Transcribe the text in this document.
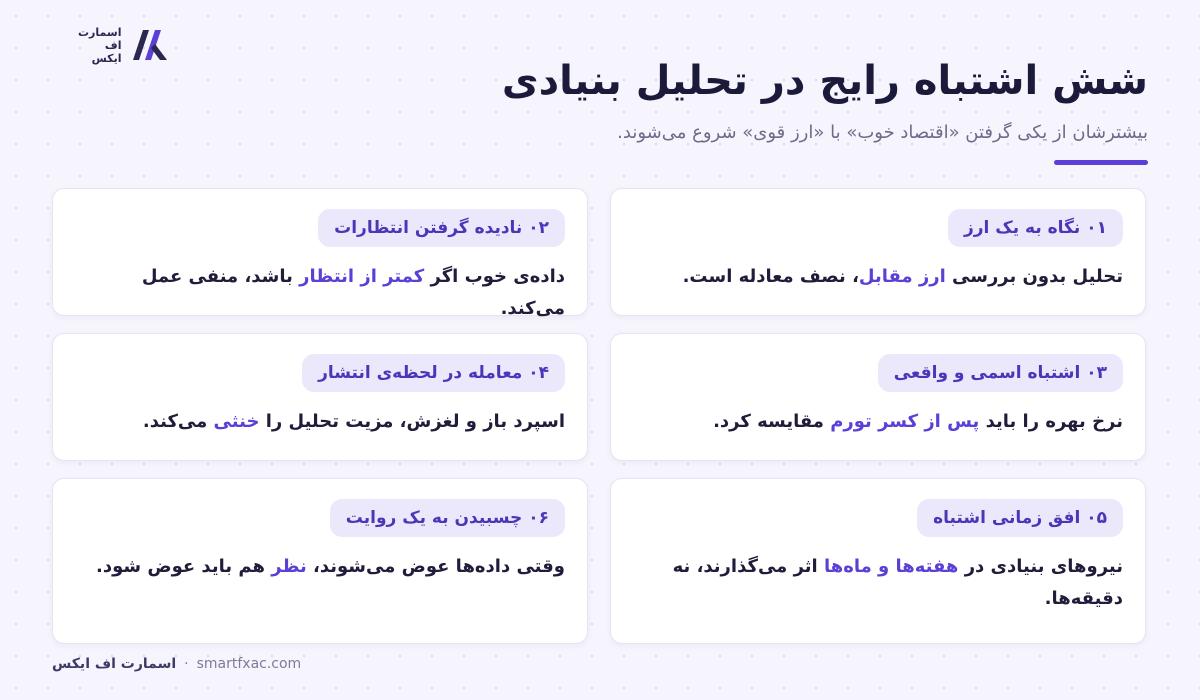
اسمارت
اف
ایکس	شش اشتباه رایج در تحلیل بنیادی
بیشترشان از یکی گرفتن «اقتصاد خوب» با «ارز قوی» شروع می‌شوند.
۰۱ نگاه به یک ارز
تحلیل بدون بررسی ارز مقابل، نصف معادله است.
۰۲ نادیده گرفتن انتظارات
داده‌ی خوب اگر کمتر از انتظار باشد، منفی عمل می‌کند.
۰۳ اشتباه اسمی و واقعی
نرخ بهره را باید پس از کسر تورم مقایسه کرد.
۰۴ معامله در لحظه‌ی انتشار
اسپرد باز و لغزش، مزیت تحلیل را خنثی می‌کند.
۰۵ افق زمانی اشتباه
نیروهای بنیادی در هفته‌ها و ماه‌ها اثر می‌گذارند، نه دقیقه‌ها.
۰۶ چسبیدن به یک روایت
وقتی داده‌ها عوض می‌شوند، نظر هم باید عوض شود.
اسمارت اف ایکس · smartfxac.com
